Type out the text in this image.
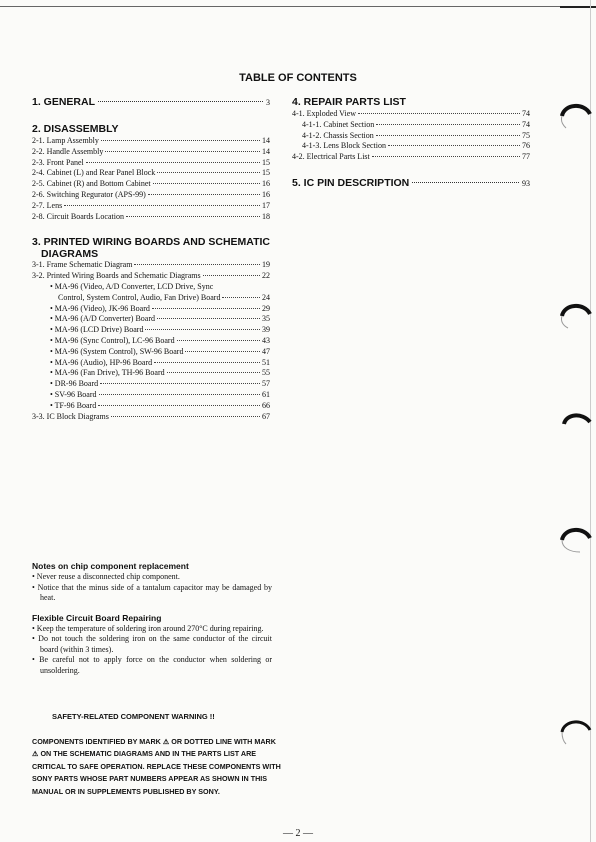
TABLE OF CONTENTS
1. GENERAL	3
2. DISASSEMBLY
2-1. Lamp Assembly	14
2-2. Handle Assembly	14
2-3. Front Panel	15
2-4. Cabinet (L) and Rear Panel Block	15
2-5. Cabinet (R) and Bottom Cabinet	16
2-6. Switching Regurator (APS-99)	16
2-7. Lens	17
2-8. Circuit Boards Location	18
3. PRINTED WIRING BOARDS AND SCHEMATIC
DIAGRAMS
3-1. Frame Schematic Diagram	19
3-2. Printed Wiring Boards and Schematic Diagrams	22
• MA-96 (Video, A/D Converter, LCD Drive, Sync
Control, System Control, Audio, Fan Drive) Board	24
• MA-96 (Video), JK-96 Board	29
• MA-96 (A/D Converter) Board	35
• MA-96 (LCD Drive) Board	39
• MA-96 (Sync Control), LC-96 Board	43
• MA-96 (System Control), SW-96 Board	47
• MA-96 (Audio), HP-96 Board	51
• MA-96 (Fan Drive), TH-96 Board	55
• DR-96 Board	57
• SV-96 Board	61
• TF-96 Board	66
3-3. IC Block Diagrams	67
4. REPAIR PARTS LIST
4-1. Exploded View	74
4-1-1. Cabinet Section	74
4-1-2. Chassis Section	75
4-1-3. Lens Block Section	76
4-2. Electrical Parts List	77
5. IC PIN DESCRIPTION	93
Notes on chip component replacement
• Never reuse a disconnected chip component.
• Notice that the minus side of a tantalum capacitor may be damaged by heat.
Flexible Circuit Board Repairing
• Keep the temperature of soldering iron around 270°C during repairing.
• Do not touch the soldering iron on the same conductor of the circuit board (within 3 times).
• Be careful not to apply force on the conductor when soldering or unsoldering.
SAFETY-RELATED COMPONENT WARNING !!
COMPONENTS IDENTIFIED BY MARK ⚠ OR DOTTED LINE WITH MARK ⚠ ON THE SCHEMATIC DIAGRAMS AND IN THE PARTS LIST ARE CRITICAL TO SAFE OPERATION. REPLACE THESE COMPONENTS WITH SONY PARTS WHOSE PART NUMBERS APPEAR AS SHOWN IN THIS MANUAL OR IN SUPPLEMENTS PUBLISHED BY SONY.
— 2 —
